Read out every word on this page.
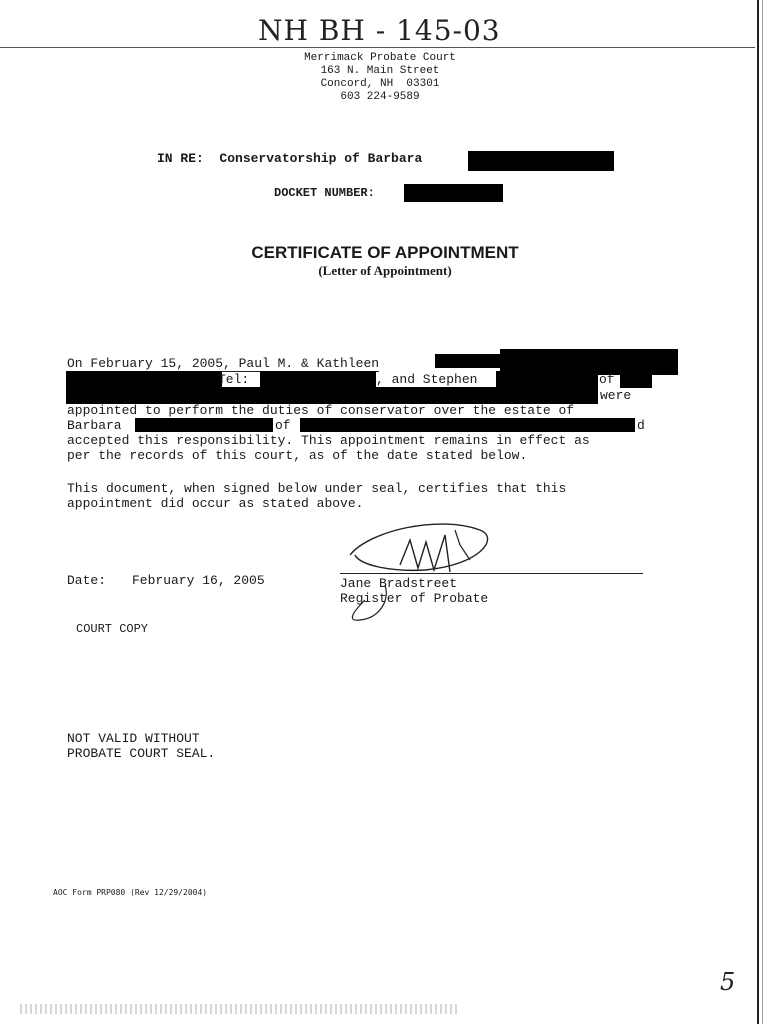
NH BH - 145-03
Merrimack Probate Court
163 N. Main Street
Concord, NH  03301
603 224-9589
IN RE: Conservatorship of Barbara
DOCKET NUMBER:
CERTIFICATE OF APPOINTMENT
(Letter of Appointment)
On February 15, 2005, Paul M. & Kathleen
Tel:	, and Stephen	of
were
appointed to perform the duties of conservator over the estate of
Barbara	of	d
accepted this responsibility. This appointment remains in effect as
per the records of this court, as of the date stated below.
This document, when signed below under seal, certifies that this
appointment did occur as stated above.
Date: February 16, 2005	Jane Bradstreet
Register of Probate
COURT COPY
NOT VALID WITHOUT
PROBATE COURT SEAL.
AOC Form PRP080 (Rev 12/29/2004)
5
